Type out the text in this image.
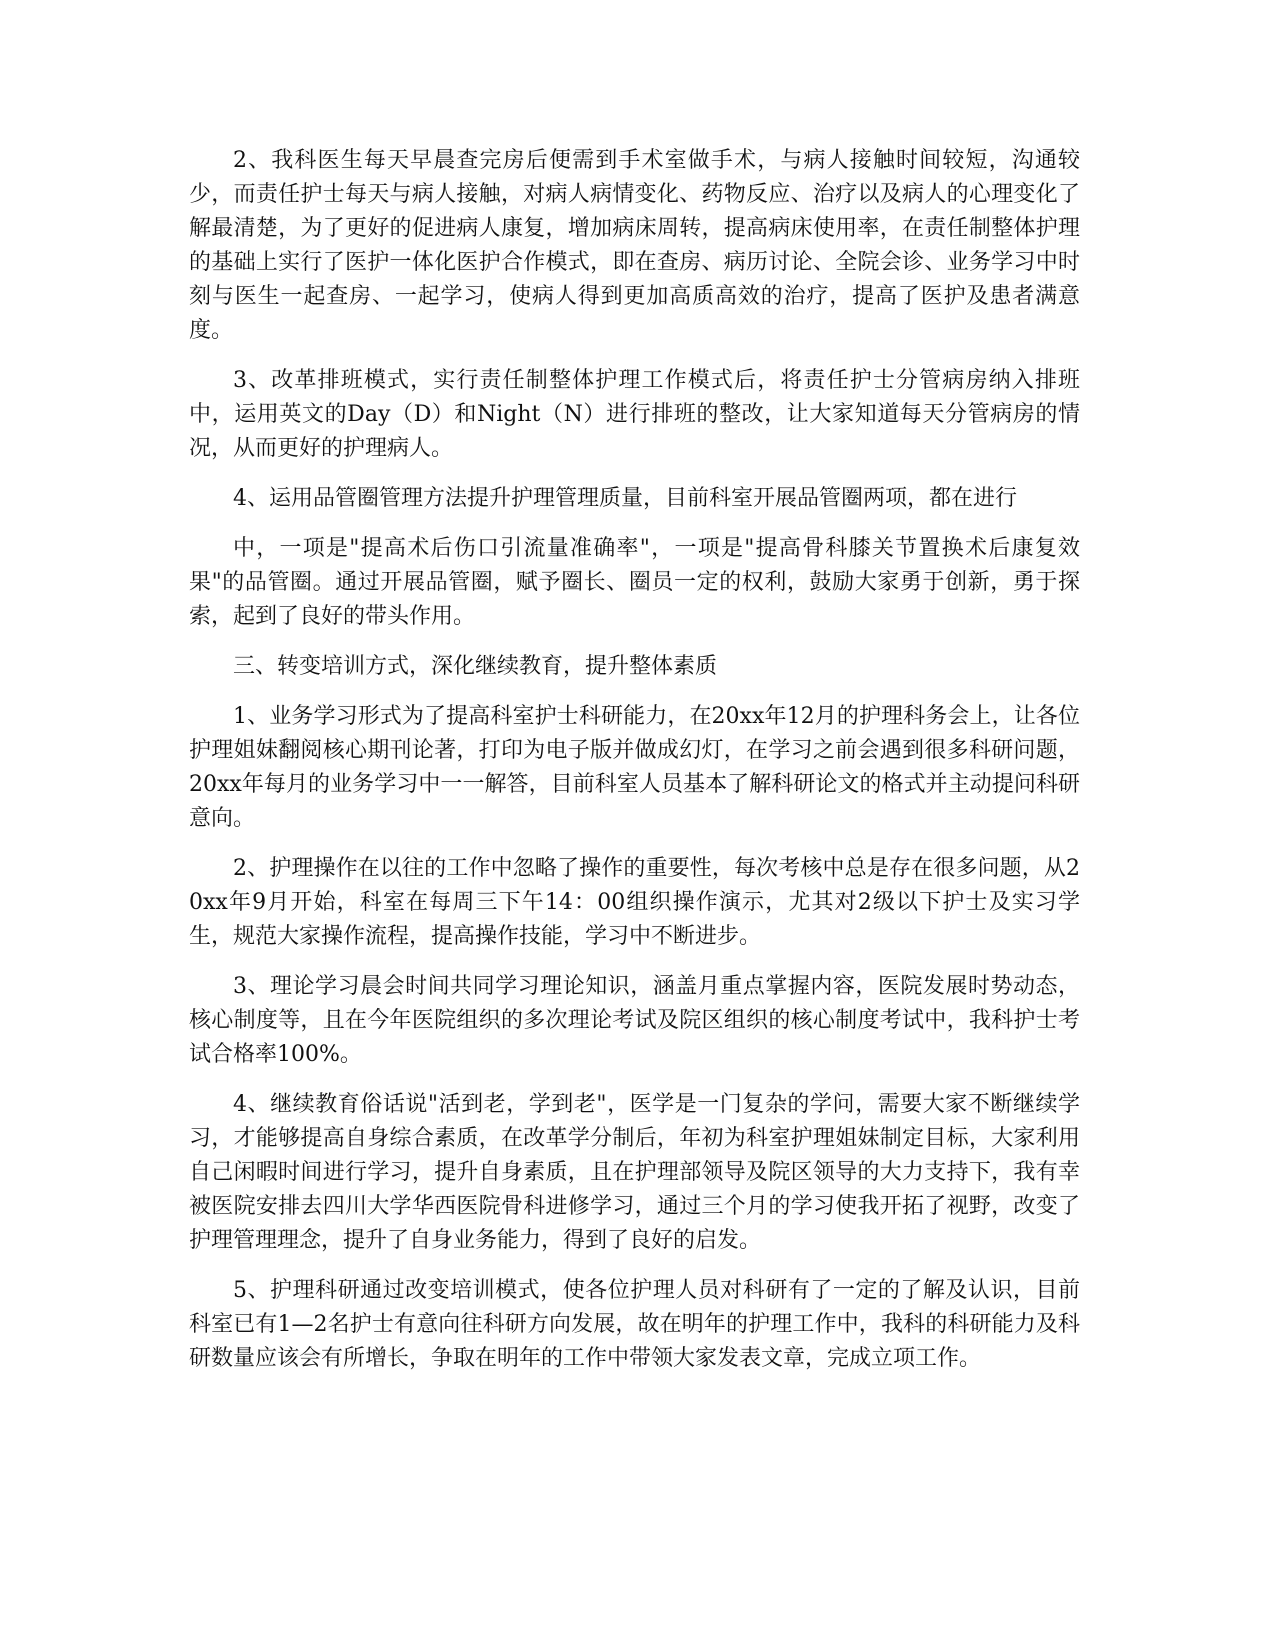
2、我科医生每天早晨查完房后便需到手术室做手术，与病人接触时间较短，沟通较少，而责任护士每天与病人接触，对病人病情变化、药物反应、治疗以及病人的心理变化了解最清楚，为了更好的促进病人康复，增加病床周转，提高病床使用率，在责任制整体护理的基础上实行了医护一体化医护合作模式，即在查房、病历讨论、全院会诊、业务学习中时刻与医生一起查房、一起学习，使病人得到更加高质高效的治疗，提高了医护及患者满意度。

3、改革排班模式，实行责任制整体护理工作模式后，将责任护士分管病房纳入排班中，运用英文的Day（D）和Night（N）进行排班的整改，让大家知道每天分管病房的情况，从而更好的护理病人。

4、运用品管圈管理方法提升护理管理质量，目前科室开展品管圈两项，都在进行

中，一项是"提高术后伤口引流量准确率"，一项是"提高骨科膝关节置换术后康复效果"的品管圈。通过开展品管圈，赋予圈长、圈员一定的权利，鼓励大家勇于创新，勇于探索，起到了良好的带头作用。

三、转变培训方式，深化继续教育，提升整体素质

1、业务学习形式为了提高科室护士科研能力，在20xx年12月的护理科务会上，让各位护理姐妹翻阅核心期刊论著，打印为电子版并做成幻灯，在学习之前会遇到很多科研问题，20xx年每月的业务学习中一一解答，目前科室人员基本了解科研论文的格式并主动提问科研意向。

2、护理操作在以往的工作中忽略了操作的重要性，每次考核中总是存在很多问题，从20xx年9月开始，科室在每周三下午14：00组织操作演示，尤其对2级以下护士及实习学生，规范大家操作流程，提高操作技能，学习中不断进步。

3、理论学习晨会时间共同学习理论知识，涵盖月重点掌握内容，医院发展时势动态，核心制度等，且在今年医院组织的多次理论考试及院区组织的核心制度考试中，我科护士考试合格率100%。

4、继续教育俗话说"活到老，学到老"，医学是一门复杂的学问，需要大家不断继续学习，才能够提高自身综合素质，在改革学分制后，年初为科室护理姐妹制定目标，大家利用自己闲暇时间进行学习，提升自身素质，且在护理部领导及院区领导的大力支持下，我有幸被医院安排去四川大学华西医院骨科进修学习，通过三个月的学习使我开拓了视野，改变了护理管理理念，提升了自身业务能力，得到了良好的启发。

5、护理科研通过改变培训模式，使各位护理人员对科研有了一定的了解及认识，目前科室已有1—2名护士有意向往科研方向发展，故在明年的护理工作中，我科的科研能力及科研数量应该会有所增长，争取在明年的工作中带领大家发表文章，完成立项工作。
